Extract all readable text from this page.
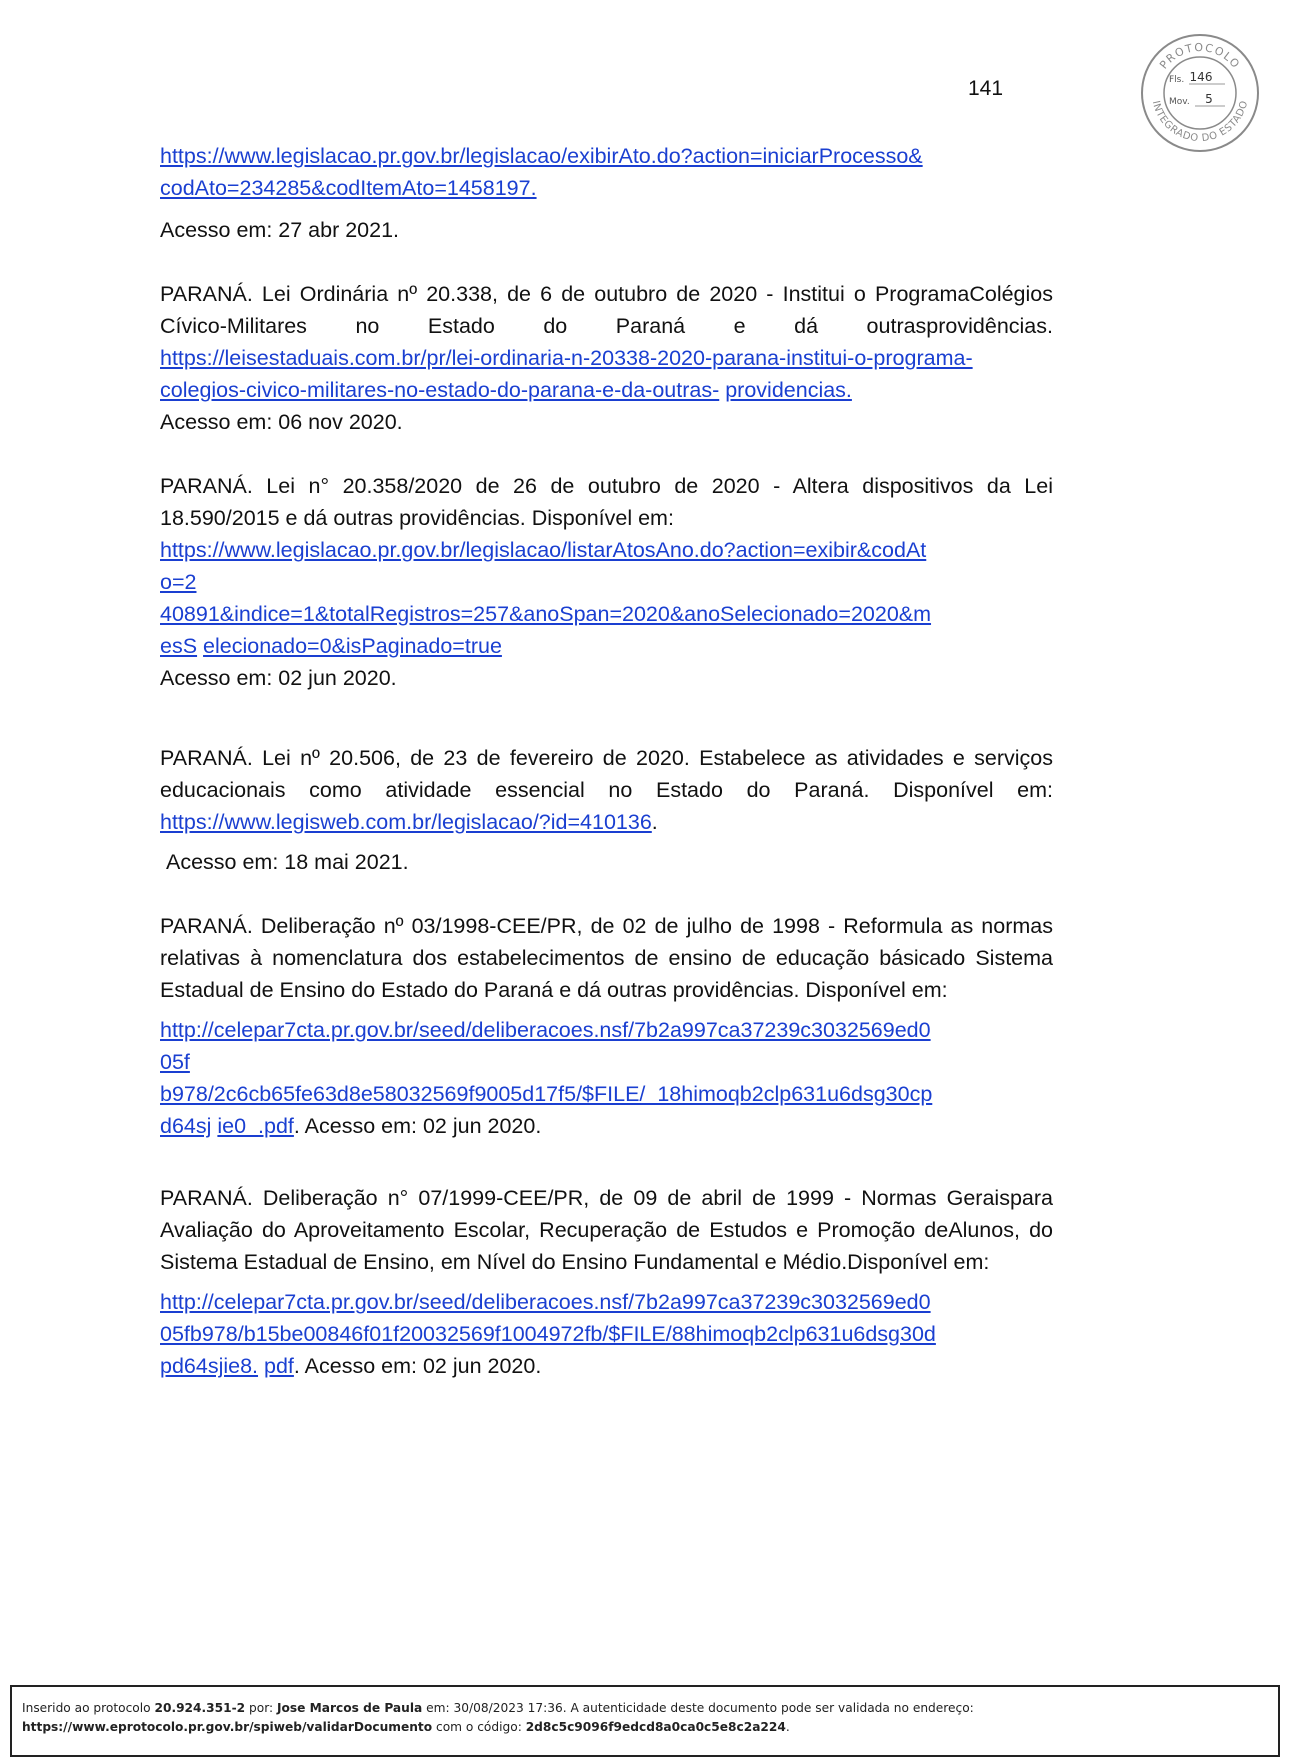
141
PROTOCOLO
INTEGRADO DO ESTADO
Fls. 146
Mov. 5
https://www.legislacao.pr.gov.br/legislacao/exibirAto.do?action=iniciarProcesso&
codAto=234285&codItemAto=1458197.
Acesso em: 27 abr 2021.
PARANÁ. Lei Ordinária nº 20.338, de 6 de outubro de 2020 - Institui o ProgramaColégios Cívico-Militares no Estado do Paraná e dá outrasprovidências. https://leisestaduais.com.br/pr/lei-ordinaria-n-20338-2020-parana-institui-o-programa- colegios-civico-militares-no-estado-do-parana-e-da-outras- providencias.
Acesso em: 06 nov 2020.
PARANÁ. Lei n° 20.358/2020 de 26 de outubro de 2020 - Altera dispositivos da Lei 18.590/2015 e dá outras providências. Disponível em:
https://www.legislacao.pr.gov.br/legislacao/listarAtosAno.do?action=exibir&codAt
o=2
40891&indice=1&totalRegistros=257&anoSpan=2020&anoSelecionado=2020&m
esS elecionado=0&isPaginado=true
Acesso em: 02 jun 2020.
PARANÁ. Lei nº 20.506, de 23 de fevereiro de 2020. Estabelece as atividades e serviços educacionais como atividade essencial no Estado do Paraná. Disponível em: https://www.legisweb.com.br/legislacao/?id=410136.
Acesso em: 18 mai 2021.
PARANÁ. Deliberação nº 03/1998-CEE/PR, de 02 de julho de 1998 - Reformula as normas relativas à nomenclatura dos estabelecimentos de ensino de educação básicado Sistema Estadual de Ensino do Estado do Paraná e dá outras providências. Disponível em:
http://celepar7cta.pr.gov.br/seed/deliberacoes.nsf/7b2a997ca37239c3032569ed0
05f
b978/2c6cb65fe63d8e58032569f9005d17f5/$FILE/_18himoqb2clp631u6dsg30cp
d64sj ie0_.pdf. Acesso em: 02 jun 2020.
PARANÁ. Deliberação n° 07/1999-CEE/PR, de 09 de abril de 1999 - Normas Geraispara Avaliação do Aproveitamento Escolar, Recuperação de Estudos e Promoção deAlunos, do Sistema Estadual de Ensino, em Nível do Ensino Fundamental e Médio.Disponível em:
http://celepar7cta.pr.gov.br/seed/deliberacoes.nsf/7b2a997ca37239c3032569ed0
05fb978/b15be00846f01f20032569f1004972fb/$FILE/88himoqb2clp631u6dsg30d
pd64sjie8. pdf. Acesso em: 02 jun 2020.
Inserido ao protocolo 20.924.351-2 por: Jose Marcos de Paula em: 30/08/2023 17:36. A autenticidade deste documento pode ser validada no endereço:
https://www.eprotocolo.pr.gov.br/spiweb/validarDocumento com o código: 2d8c5c9096f9edcd8a0ca0c5e8c2a224.
